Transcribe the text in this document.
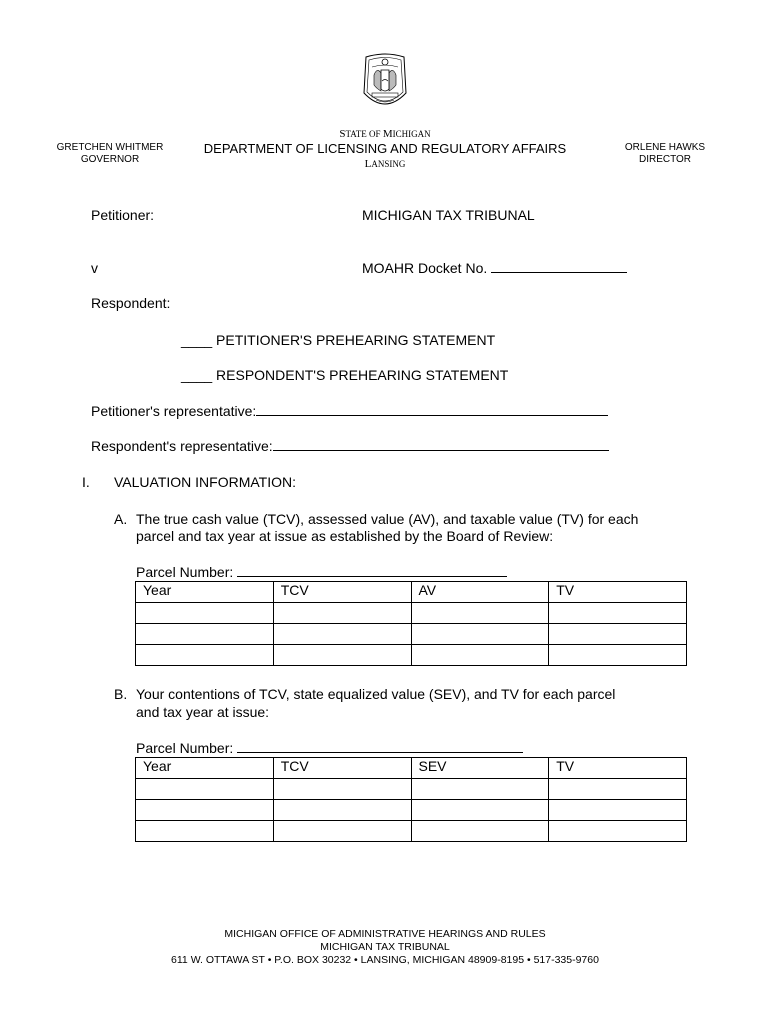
GRETCHEN WHITMER
GOVERNOR
STATE OF MICHIGAN
DEPARTMENT OF LICENSING AND REGULATORY AFFAIRS
LANSING
ORLENE HAWKS
DIRECTOR
Petitioner:	MICHIGAN TAX TRIBUNAL
v	MOAHR Docket No.
Respondent:
____ PETITIONER'S PREHEARING STATEMENT
____ RESPONDENT'S PREHEARING STATEMENT
Petitioner's representative:
Respondent's representative:
I. VALUATION INFORMATION:
A. The true cash value (TCV), assessed value (AV), and taxable value (TV) for each
parcel and tax year at issue as established by the Board of Review:
Parcel Number:
Year	TCV	AV	TV

B. Your contentions of TCV, state equalized value (SEV), and TV for each parcel
and tax year at issue:
Parcel Number:
Year	TCV	SEV	TV

MICHIGAN OFFICE OF ADMINISTRATIVE HEARINGS AND RULES
MICHIGAN TAX TRIBUNAL
611 W. OTTAWA ST • P.O. BOX 30232 • LANSING, MICHIGAN 48909-8195 • 517-335-9760
